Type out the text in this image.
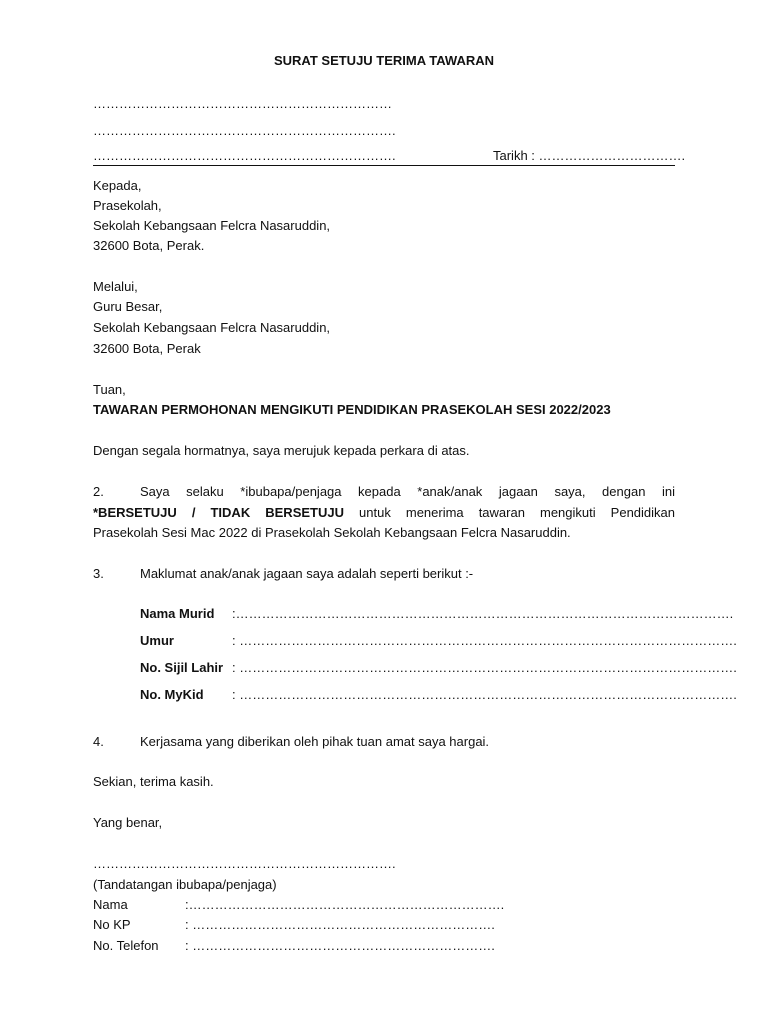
SURAT SETUJU TERIMA TAWARAN
……………………………………………………………
…………………………………………………………….
…………………………………………………………….	Tarikh : …………………………….
Kepada,
Prasekolah,
Sekolah Kebangsaan Felcra Nasaruddin,
32600 Bota, Perak.
Melalui,
Guru Besar,
Sekolah Kebangsaan Felcra Nasaruddin,
32600 Bota, Perak
Tuan,
TAWARAN PERMOHONAN MENGIKUTI PENDIDIKAN PRASEKOLAH SESI 2022/2023
Dengan segala hormatnya, saya merujuk kepada perkara di atas.
2.	Saya selaku *ibubapa/penjaga kepada *anak/anak jagaan saya, dengan ini
*BERSETUJU / TIDAK BERSETUJU untuk menerima tawaran mengikuti Pendidikan
Prasekolah Sesi Mac 2022 di Prasekolah Sekolah Kebangsaan Felcra Nasaruddin.
3.	Maklumat anak/anak jagaan saya adalah seperti berikut :-
Nama Murid :…………………………………………………………………………………………………….
Umur	: …………………………………………………………………………………………………….
No. Sijil Lahir : …………………………………………………………………………………………………….
No. MyKid : …………………………………………………………………………………………………….
4.	Kerjasama yang diberikan oleh pihak tuan amat saya hargai.
Sekian, terima kasih.
Yang benar,
…………………………………………………………….
(Tandatangan ibubapa/penjaga)
Nama	:……………………………………………………………….
No KP	: …………………………………………………………….
No. Telefon : …………………………………………………………….
